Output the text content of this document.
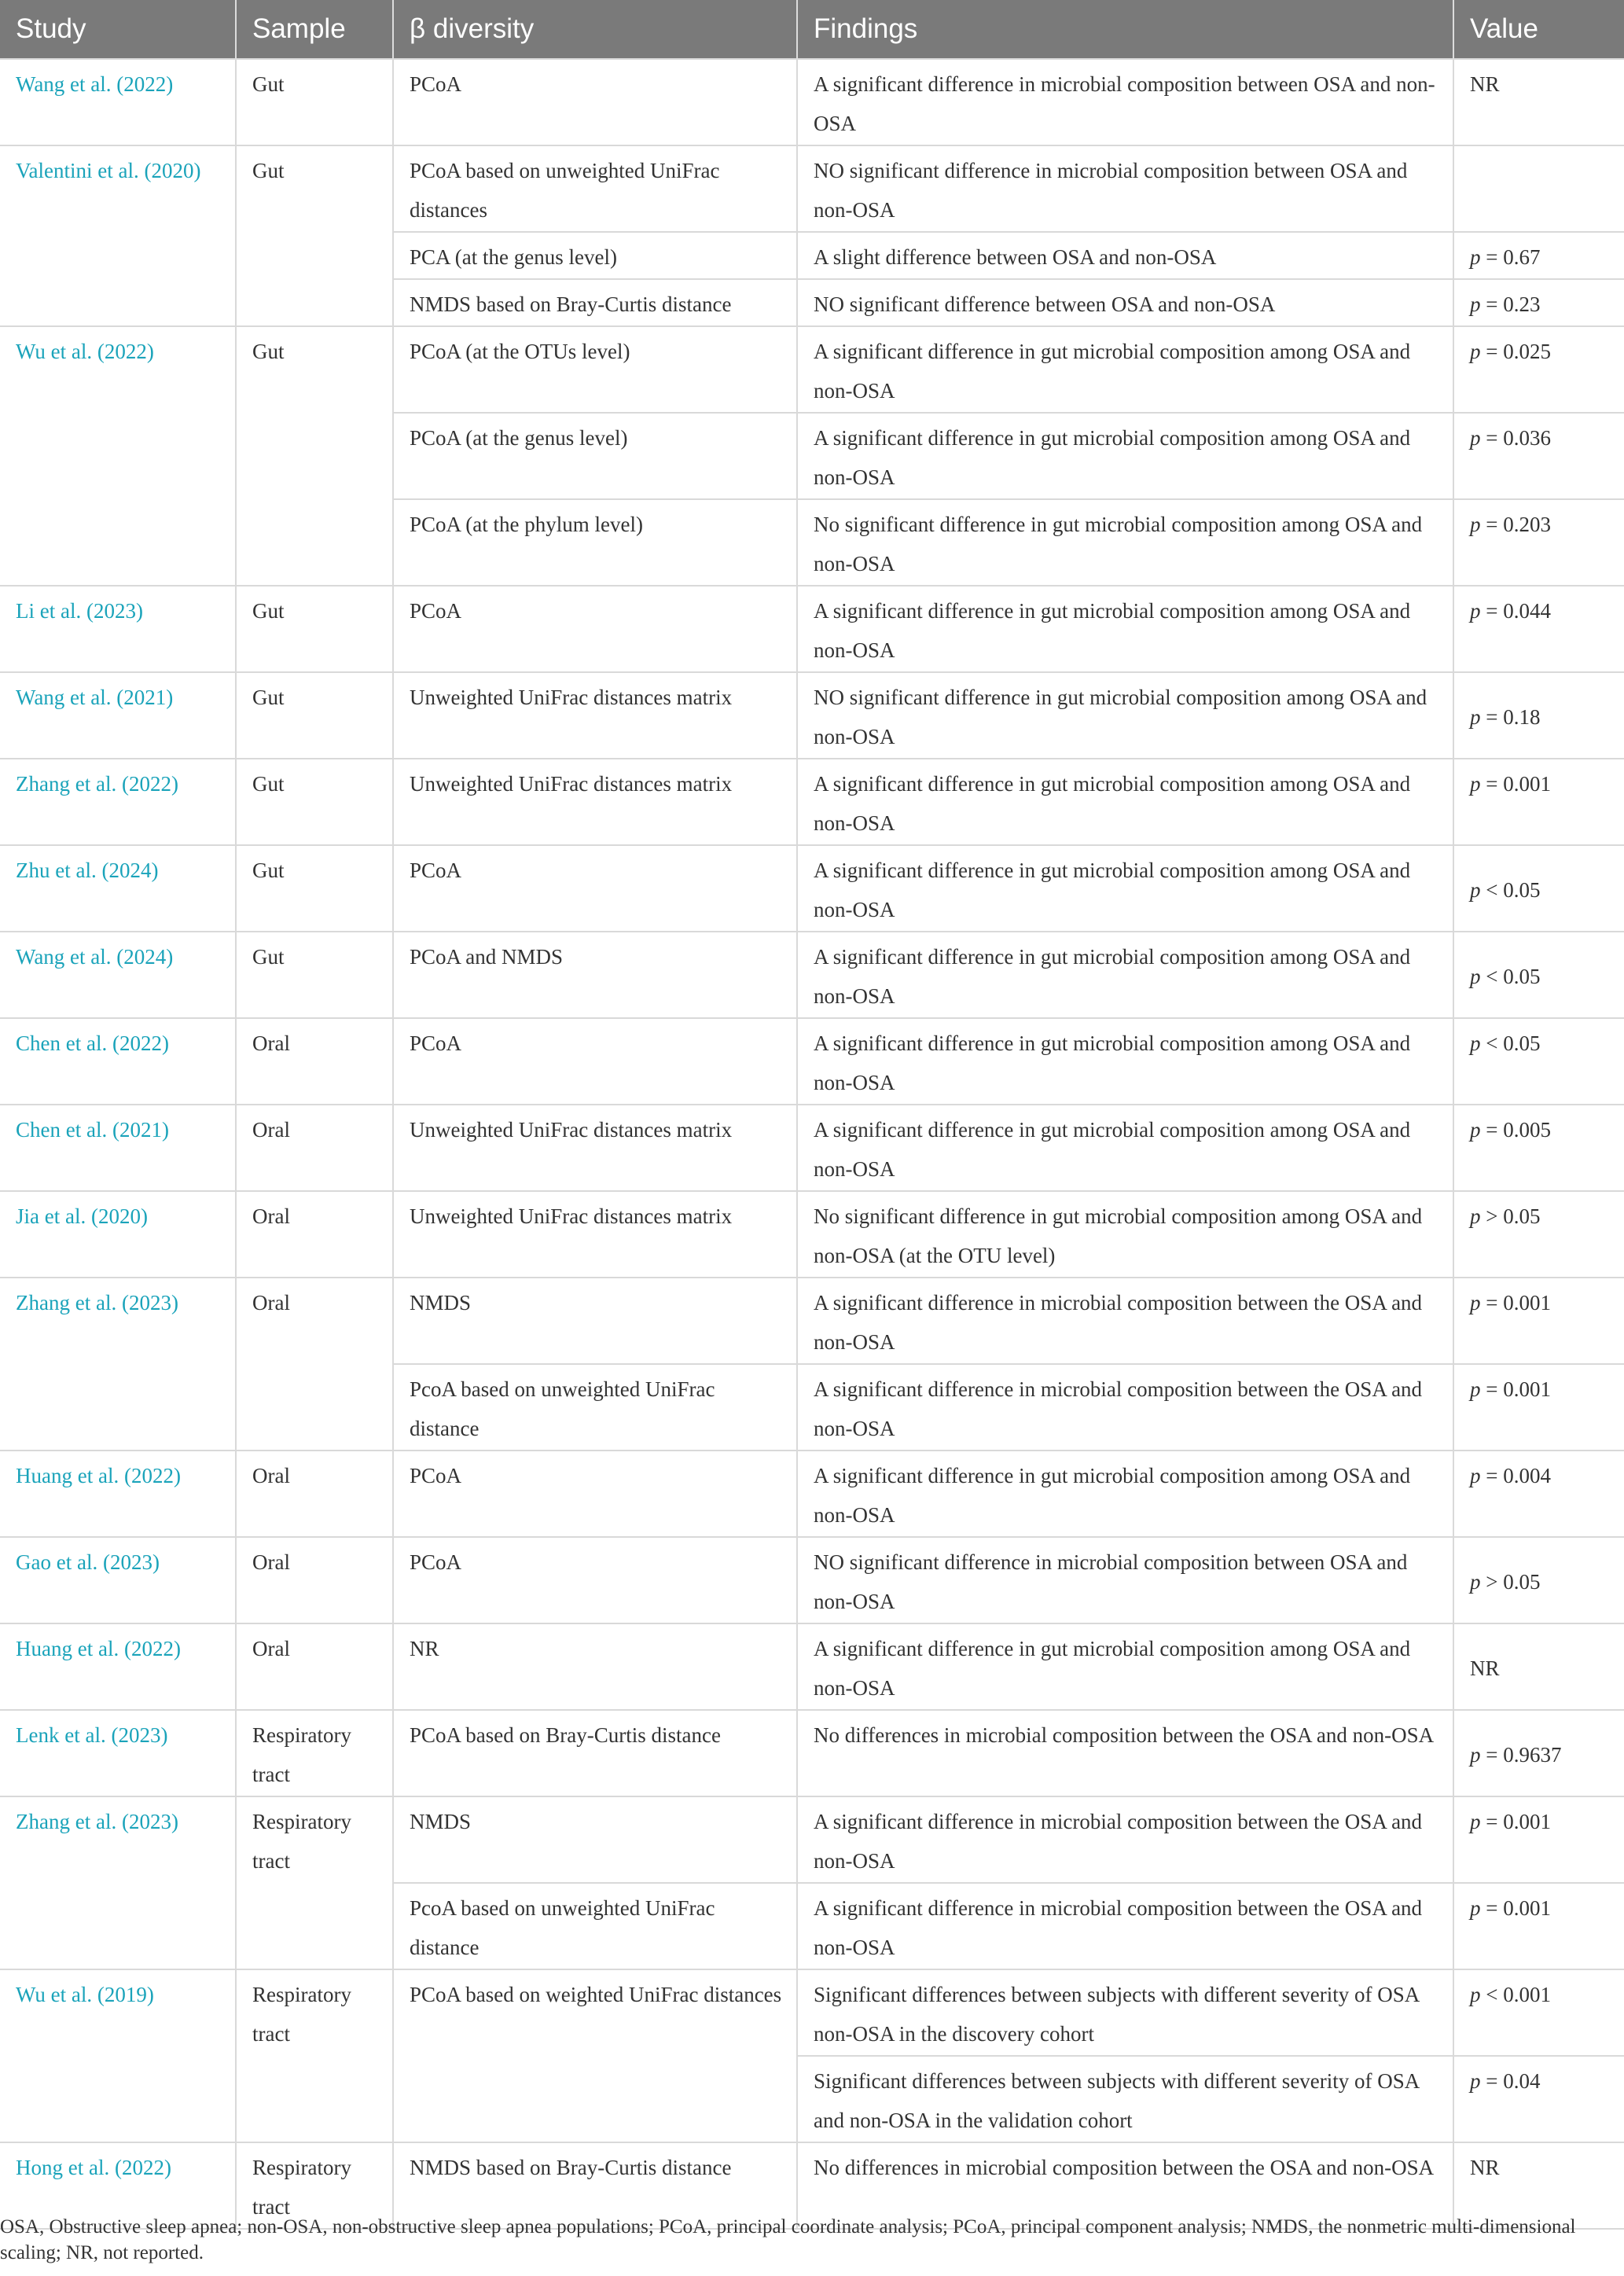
Study	Sample	β diversity	Findings	Value
Wang et al. (2022)	Gut	PCoA	A significant difference in microbial composition between OSA and non-OSA	NR
Valentini et al. (2020)	Gut	PCoA based on unweighted UniFrac distances	NO significant difference in microbial composition between OSA and non-OSA	
		PCA (at the genus level)	A slight difference between OSA and non-OSA	p = 0.67
		NMDS based on Bray-Curtis distance	NO significant difference between OSA and non-OSA	p = 0.23
Wu et al. (2022)	Gut	PCoA (at the OTUs level)	A significant difference in gut microbial composition among OSA and non-OSA	p = 0.025
		PCoA (at the genus level)	A significant difference in gut microbial composition among OSA and non-OSA	p = 0.036
		PCoA (at the phylum level)	No significant difference in gut microbial composition among OSA and non-OSA	p = 0.203
Li et al. (2023)	Gut	PCoA	A significant difference in gut microbial composition among OSA and non-OSA	p = 0.044
Wang et al. (2021)	Gut	Unweighted UniFrac distances matrix	NO significant difference in gut microbial composition among OSA and non-OSA	p = 0.18
Zhang et al. (2022)	Gut	Unweighted UniFrac distances matrix	A significant difference in gut microbial composition among OSA and non-OSA	p = 0.001
Zhu et al. (2024)	Gut	PCoA	A significant difference in gut microbial composition among OSA and non-OSA	p < 0.05
Wang et al. (2024)	Gut	PCoA and NMDS	A significant difference in gut microbial composition among OSA and non-OSA	p < 0.05
Chen et al. (2022)	Oral	PCoA	A significant difference in gut microbial composition among OSA and non-OSA	p < 0.05
Chen et al. (2021)	Oral	Unweighted UniFrac distances matrix	A significant difference in gut microbial composition among OSA and non-OSA	p = 0.005
Jia et al. (2020)	Oral	Unweighted UniFrac distances matrix	No significant difference in gut microbial composition among OSA and non-OSA (at the OTU level)	p > 0.05
Zhang et al. (2023)	Oral	NMDS	A significant difference in microbial composition between the OSA and non-OSA	p = 0.001
		PcoA based on unweighted UniFrac distance	A significant difference in microbial composition between the OSA and non-OSA	p = 0.001
Huang et al. (2022)	Oral	PCoA	A significant difference in gut microbial composition among OSA and non-OSA	p = 0.004
Gao et al. (2023)	Oral	PCoA	NO significant difference in microbial composition between OSA and non-OSA	p > 0.05
Huang et al. (2022)	Oral	NR	A significant difference in gut microbial composition among OSA and non-OSA	NR
Lenk et al. (2023)	Respiratory tract	PCoA based on Bray-Curtis distance	No differences in microbial composition between the OSA and non-OSA	p = 0.9637
Zhang et al. (2023)	Respiratory tract	NMDS	A significant difference in microbial composition between the OSA and non-OSA	p = 0.001
		PcoA based on unweighted UniFrac distance	A significant difference in microbial composition between the OSA and non-OSA	p = 0.001
Wu et al. (2019)	Respiratory tract	PCoA based on weighted UniFrac distances	Significant differences between subjects with different severity of OSA non-OSA in the discovery cohort	p < 0.001
			Significant differences between subjects with different severity of OSA and non-OSA in the validation cohort	p = 0.04
Hong et al. (2022)	Respiratory tract	NMDS based on Bray-Curtis distance	No differences in microbial composition between the OSA and non-OSA	NR

OSA, Obstructive sleep apnea; non-OSA, non-obstructive sleep apnea populations; PCoA, principal coordinate analysis; PCoA, principal component analysis; NMDS, the nonmetric multi-dimensional scaling; NR, not reported.
